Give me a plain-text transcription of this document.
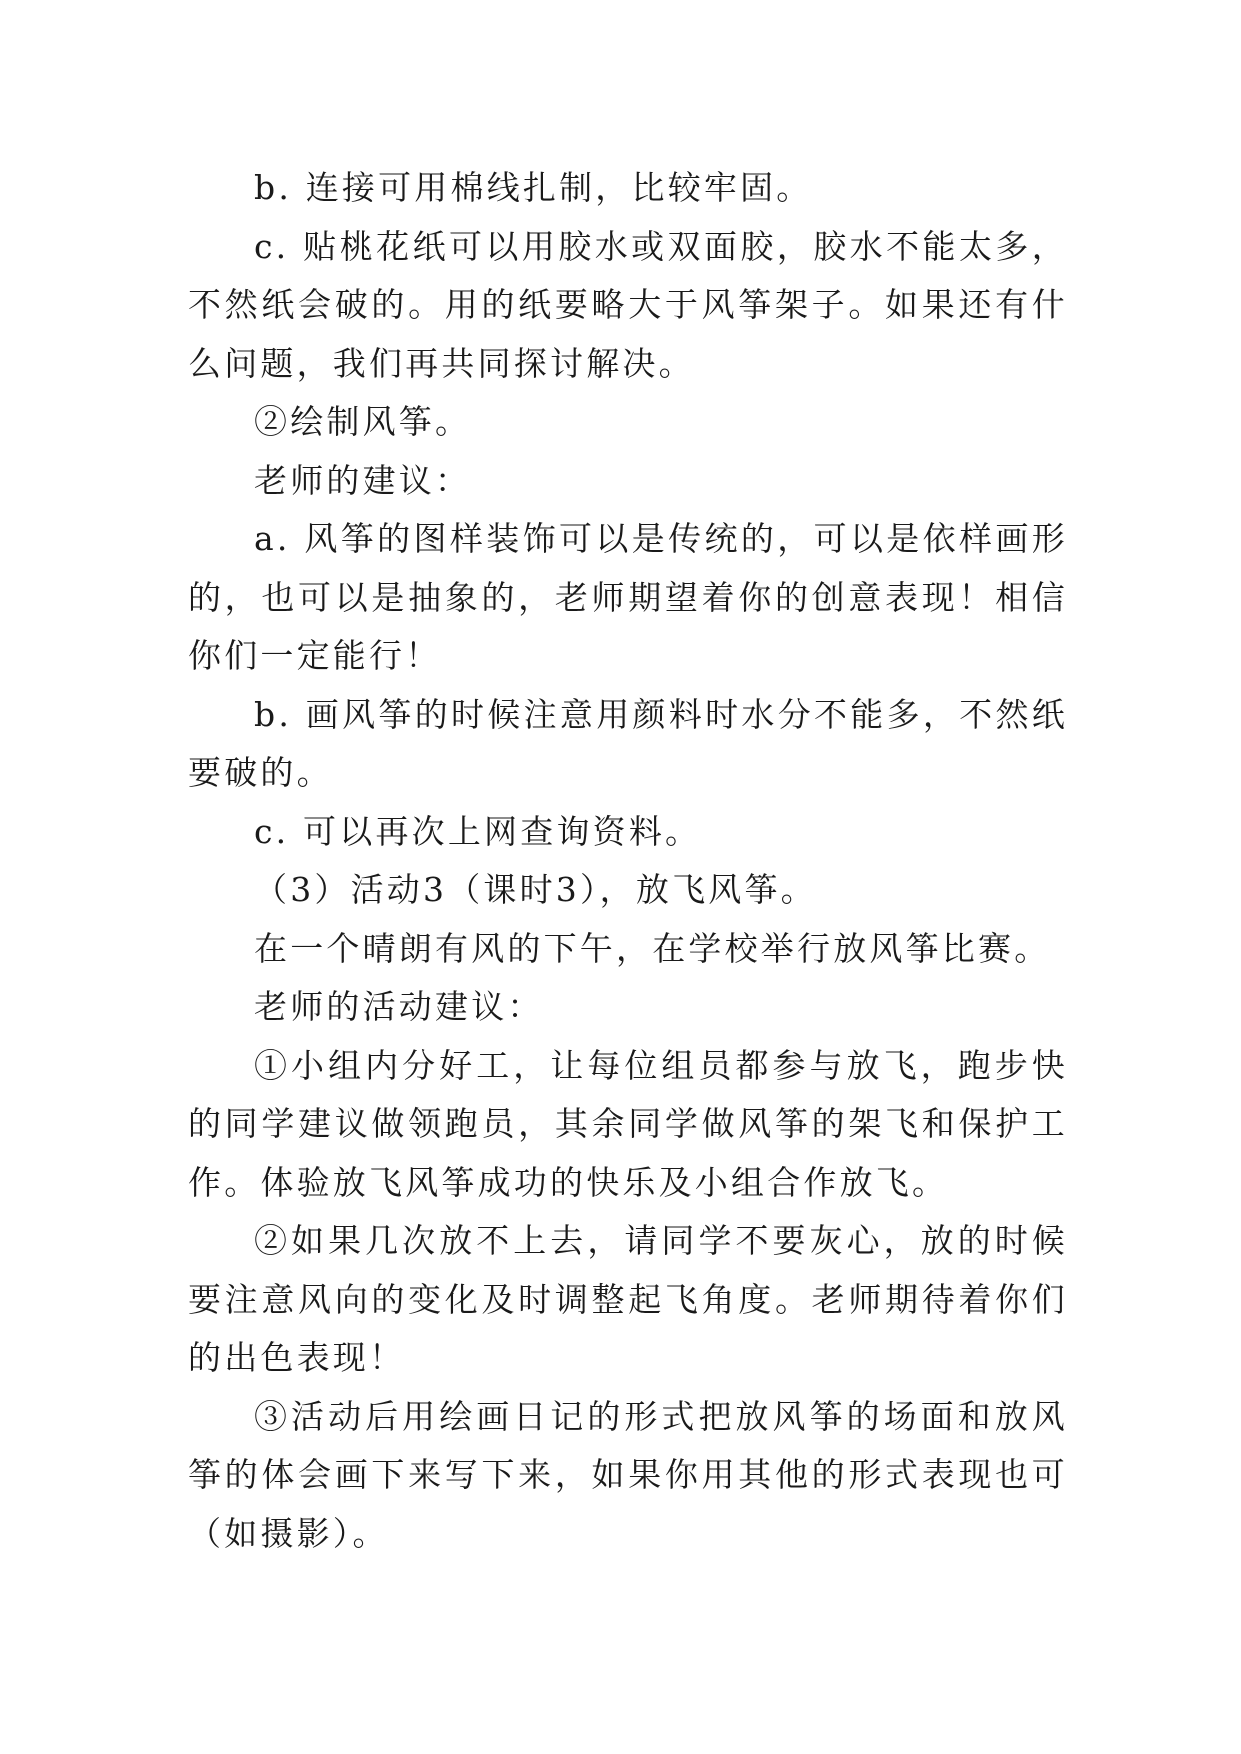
b. 连接可用棉线扎制，比较牢固。

c. 贴桃花纸可以用胶水或双面胶，胶水不能太多，不然纸会破的。用的纸要略大于风筝架子。如果还有什么问题，我们再共同探讨解决。

②绘制风筝。

老师的建议：

a. 风筝的图样装饰可以是传统的，可以是依样画形的，也可以是抽象的，老师期望着你的创意表现！相信你们一定能行！

b. 画风筝的时候注意用颜料时水分不能多，不然纸要破的。

c. 可以再次上网查询资料。

（3）活动3（课时3），放飞风筝。

在一个晴朗有风的下午，在学校举行放风筝比赛。

老师的活动建议：

①小组内分好工，让每位组员都参与放飞，跑步快的同学建议做领跑员，其余同学做风筝的架飞和保护工作。体验放飞风筝成功的快乐及小组合作放飞。

②如果几次放不上去，请同学不要灰心，放的时候要注意风向的变化及时调整起飞角度。老师期待着你们的出色表现！

③活动后用绘画日记的形式把放风筝的场面和放风筝的体会画下来写下来，如果你用其他的形式表现也可（如摄影）。
